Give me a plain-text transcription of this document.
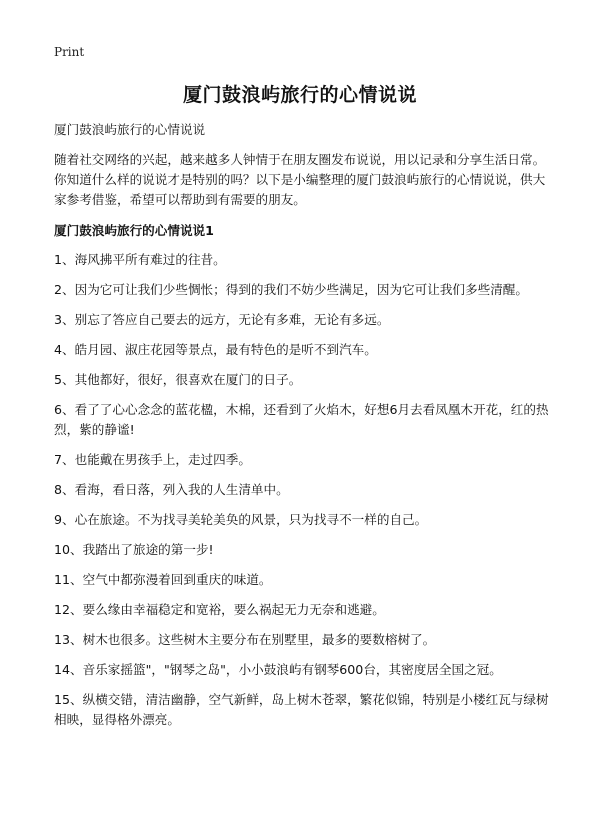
Print
厦门鼓浪屿旅行的心情说说

厦门鼓浪屿旅行的心情说说

随着社交网络的兴起，越来越多人钟情于在朋友圈发布说说，用以记录和分享生活日常。你知道什么样的说说才是特别的吗？以下是小编整理的厦门鼓浪屿旅行的心情说说，供大家参考借鉴，希望可以帮助到有需要的朋友。

厦门鼓浪屿旅行的心情说说1

1、海风拂平所有难过的往昔。

2、因为它可让我们少些惆怅；得到的我们不妨少些满足，因为它可让我们多些清醒。

3、别忘了答应自己要去的远方，无论有多难，无论有多远。

4、皓月园、淑庄花园等景点，最有特色的是听不到汽车。

5、其他都好，很好，很喜欢在厦门的日子。

6、看了了心心念念的蓝花楹，木棉，还看到了火焰木，好想6月去看凤凰木开花，红的热烈，紫的静谧!

7、也能戴在男孩手上，走过四季。

8、看海，看日落，列入我的人生清单中。

9、心在旅途。不为找寻美轮美奂的风景，只为找寻不一样的自己。

10、我踏出了旅途的第一步!

11、空气中都弥漫着回到重庆的味道。

12、要么缘由幸福稳定和宽裕，要么祸起无力无奈和逃避。

13、树木也很多。这些树木主要分布在别墅里，最多的要数榕树了。

14、音乐家摇篮"，"钢琴之岛"，小小鼓浪屿有钢琴600台，其密度居全国之冠。

15、纵横交错，清洁幽静，空气新鲜，岛上树木苍翠，繁花似锦，特别是小楼红瓦与绿树相映，显得格外漂亮。
